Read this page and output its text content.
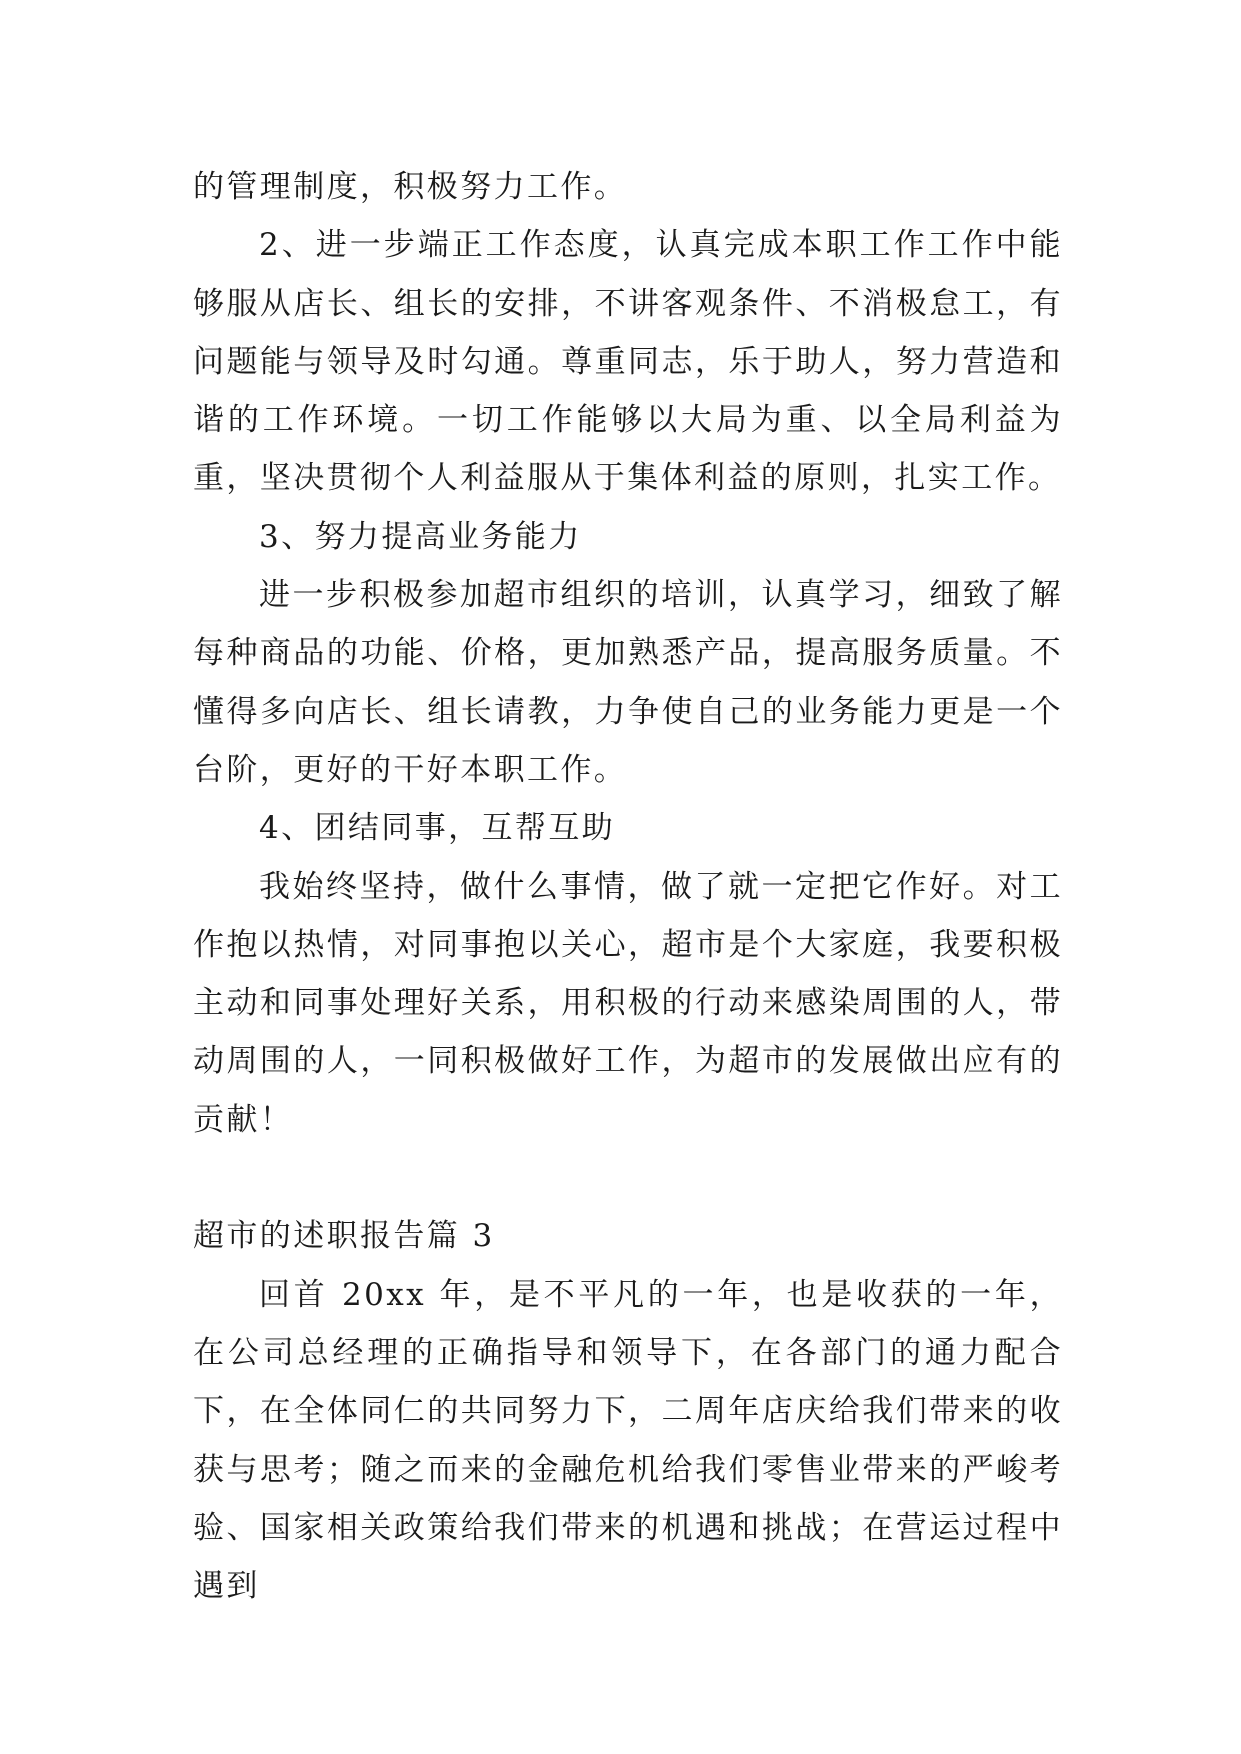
的管理制度，积极努力工作。

2、进一步端正工作态度，认真完成本职工作工作中能够服从店长、组长的安排，不讲客观条件、不消极怠工，有问题能与领导及时勾通。尊重同志，乐于助人，努力营造和谐的工作环境。一切工作能够以大局为重、以全局利益为重，坚决贯彻个人利益服从于集体利益的原则，扎实工作。

3、努力提高业务能力

进一步积极参加超市组织的培训，认真学习，细致了解每种商品的功能、价格，更加熟悉产品，提高服务质量。不懂得多向店长、组长请教，力争使自己的业务能力更是一个台阶，更好的干好本职工作。

4、团结同事，互帮互助

我始终坚持，做什么事情，做了就一定把它作好。对工作抱以热情，对同事抱以关心，超市是个大家庭，我要积极主动和同事处理好关系，用积极的行动来感染周围的人，带动周围的人，一同积极做好工作，为超市的发展做出应有的贡献！

超市的述职报告篇 3

回首 20xx 年，是不平凡的一年，也是收获的一年，在公司总经理的正确指导和领导下，在各部门的通力配合下，在全体同仁的共同努力下，二周年店庆给我们带来的收获与思考；随之而来的金融危机给我们零售业带来的严峻考验、国家相关政策给我们带来的机遇和挑战；在营运过程中遇到
